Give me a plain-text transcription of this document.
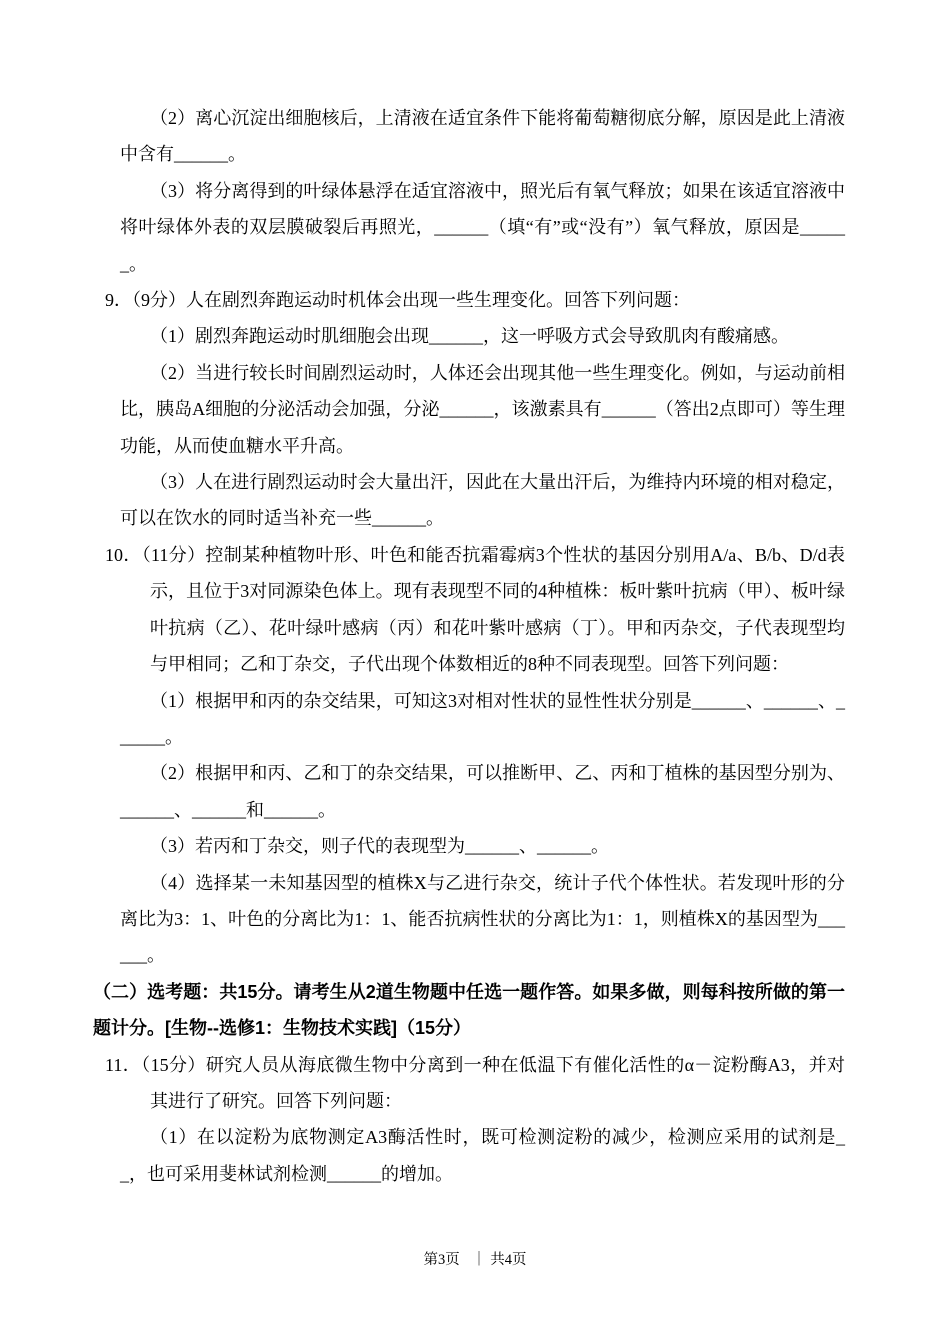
（2）离心沉淀出细胞核后，上清液在适宜条件下能将葡萄糖彻底分解，原因是此上清液中含有______。

（3）将分离得到的叶绿体悬浮在适宜溶液中，照光后有氧气释放；如果在该适宜溶液中将叶绿体外表的双层膜破裂后再照光，______（填“有”或“没有”）氧气释放，原因是______。

9．（9分）人在剧烈奔跑运动时机体会出现一些生理变化。回答下列问题：

（1）剧烈奔跑运动时肌细胞会出现______，这一呼吸方式会导致肌肉有酸痛感。

（2）当进行较长时间剧烈运动时，人体还会出现其他一些生理变化。例如，与运动前相比，胰岛A细胞的分泌活动会加强，分泌______，该激素具有______（答出2点即可）等生理功能，从而使血糖水平升高。

（3）人在进行剧烈运动时会大量出汗，因此在大量出汗后，为维持内环境的相对稳定，可以在饮水的同时适当补充一些______。

10．（11分）控制某种植物叶形、叶色和能否抗霜霉病3个性状的基因分别用A/a、B/b、D/d表示，且位于3对同源染色体上。现有表现型不同的4种植株：板叶紫叶抗病（甲）、板叶绿叶抗病（乙）、花叶绿叶感病（丙）和花叶紫叶感病（丁）。甲和丙杂交，子代表现型均与甲相同；乙和丁杂交，子代出现个体数相近的8种不同表现型。回答下列问题：

（1）根据甲和丙的杂交结果，可知这3对相对性状的显性性状分别是______、______、______。

（2）根据甲和丙、乙和丁的杂交结果，可以推断甲、乙、丙和丁植株的基因型分别为、______、______和______。

（3）若丙和丁杂交，则子代的表现型为______、______。

（4）选择某一未知基因型的植株X与乙进行杂交，统计子代个体性状。若发现叶形的分离比为3：1、叶色的分离比为1：1、能否抗病性状的分离比为1：1，则植株X的基因型为______。

（二）选考题：共15分。请考生从2道生物题中任选一题作答。如果多做，则每科按所做的第一题计分。[生物--选修1：生物技术实践]（15分）

11．（15分）研究人员从海底微生物中分离到一种在低温下有催化活性的α－淀粉酶A3，并对其进行了研究。回答下列问题：

（1）在以淀粉为底物测定A3酶活性时，既可检测淀粉的减少，检测应采用的试剂是__，也可采用斐林试剂检测______的增加。

第3页 ｜ 共4页
